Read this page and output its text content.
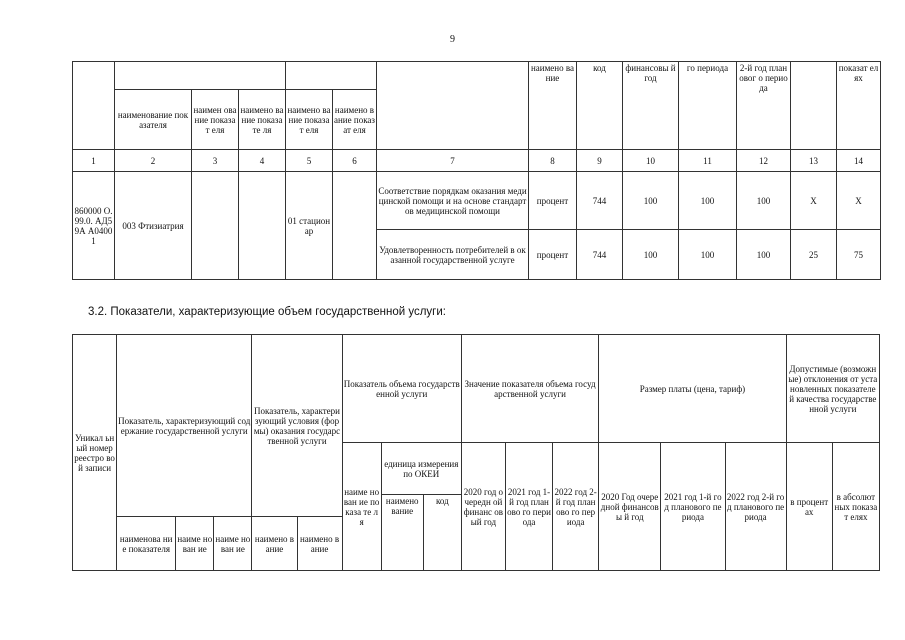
9
							наимено вание	код	финансовы й год	го периода	2-й год плановог о периода		показат елях
	наименование показателя	наимен ование показат еля	наимено вание показате ля	наимено вание показат еля	наимено вание показат еля								
1	2	3	4	5	6	7	8	9	10	11	12	13	14
860000 О.99.0. АД59А А04001	003 Фтизиатрия			01 стацион ар		Соответствие порядкам оказания медицинской помощи и на основе стандартов медицинской помощи	процент	744	100	100	100	Х	Х
						Удовлетворенность потребителей в оказанной государственной услуге	процент	744	100	100	100	25	75
3.2. Показатели, характеризующие объем государственной услуги:
Уникал ьный номер реестро вой записи	Показатель, характеризующий содержание государственной услуги			Показатель, характеризующий условия (формы) оказания государственной услуги		Показатель объема государственной услуги			Значение показателя объема государственной услуги			Размер платы (цена, тариф)			Допустимые (возможные) отклонения от установленных показателей качества государственной услуги	
						наиме нован ие показа те ля	единица измерения по ОКЕИ		2020 год очередн ой финанс овый год	2021 год 1-й год планово го периода	2022 год 2-й год планово го периода	2020 Год очередной финансовы й год	2021 год 1-й год планового периода	2022 год 2-й год планового периода	в процент ах	в абсолют ных показат елях
							наимено вание	код								
	наименова ние показателя	наиме нован ие	наиме нован ие	наимено вание	наимено вание											
